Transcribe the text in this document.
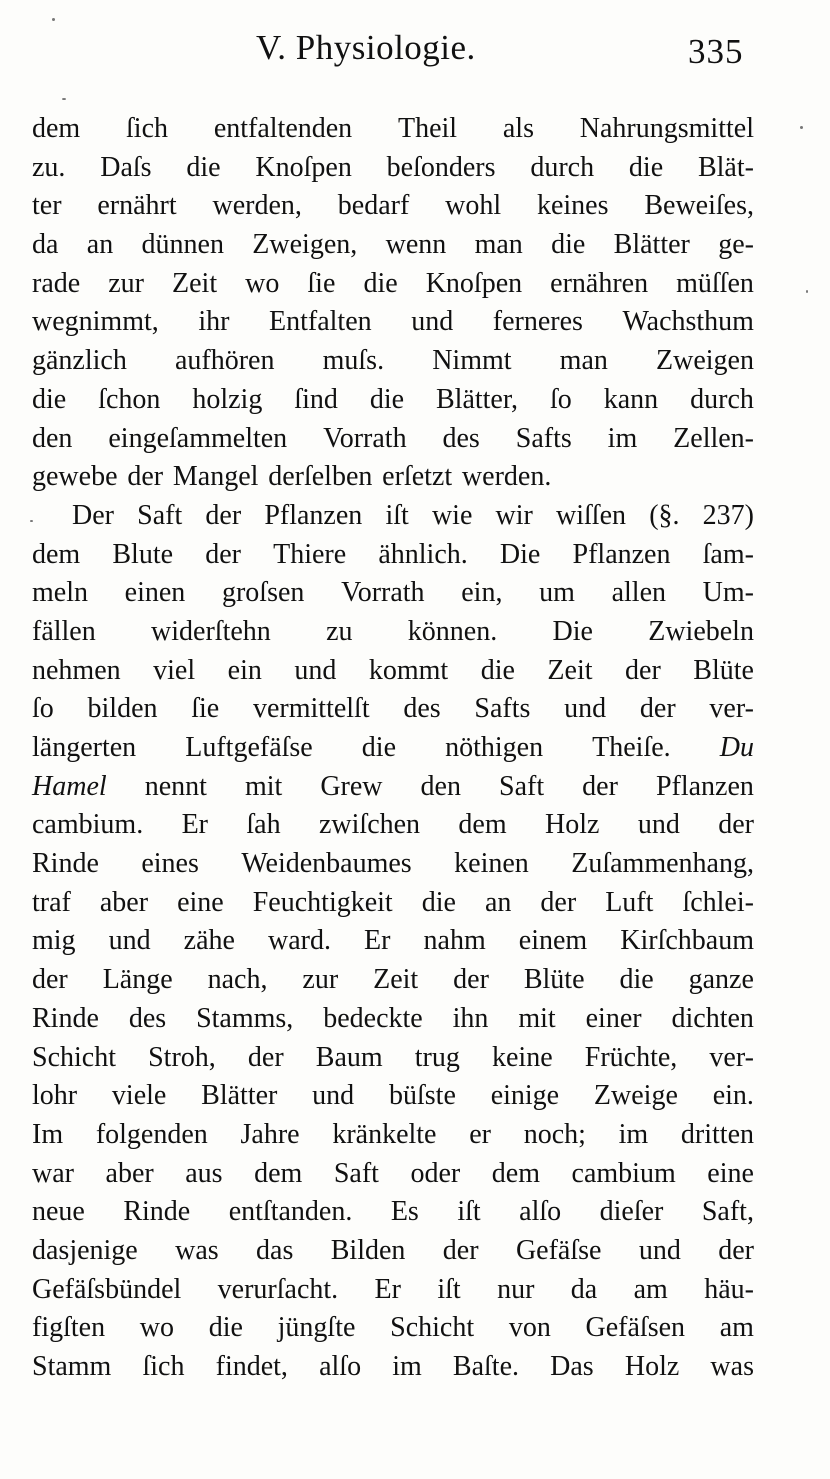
V. Physiologie.	335
dem ſich entfaltenden Theil als Nahrungsmittel
zu. Daſs die Knoſpen beſonders durch die Blät-
ter ernährt werden, bedarf wohl keines Beweiſes,
da an dünnen Zweigen, wenn man die Blätter ge-
rade zur Zeit wo ſie die Knoſpen ernähren müſſen
wegnimmt, ihr Entfalten und ferneres Wachsthum
gänzlich aufhören muſs. Nimmt man Zweigen
die ſchon holzig ſind die Blätter, ſo kann durch
den eingeſammelten Vorrath des Safts im Zellen-
gewebe der Mangel derſelben erſetzt werden.
Der Saft der Pflanzen iſt wie wir wiſſen (§. 237)
dem Blute der Thiere ähnlich. Die Pflanzen ſam-
meln einen groſsen Vorrath ein, um allen Um-
fällen widerſtehn zu können. Die Zwiebeln
nehmen viel ein und kommt die Zeit der Blüte
ſo bilden ſie vermittelſt des Safts und der ver-
längerten Luftgefäſse die nöthigen Theiſe. Du
Hamel nennt mit Grew den Saft der Pflanzen
cambium. Er ſah zwiſchen dem Holz und der
Rinde eines Weidenbaumes keinen Zuſammenhang,
traf aber eine Feuchtigkeit die an der Luft ſchlei-
mig und zähe ward. Er nahm einem Kirſchbaum
der Länge nach, zur Zeit der Blüte die ganze
Rinde des Stamms, bedeckte ihn mit einer dichten
Schicht Stroh, der Baum trug keine Früchte, ver-
lohr viele Blätter und büſste einige Zweige ein.
Im folgenden Jahre kränkelte er noch; im dritten
war aber aus dem Saft oder dem cambium eine
neue Rinde entſtanden. Es iſt alſo dieſer Saft,
dasjenige was das Bilden der Gefäſse und der
Gefäſsbündel verurſacht. Er iſt nur da am häu-
figſten wo die jüngſte Schicht von Gefäſsen am
Stamm ſich findet, alſo im Baſte. Das Holz was
